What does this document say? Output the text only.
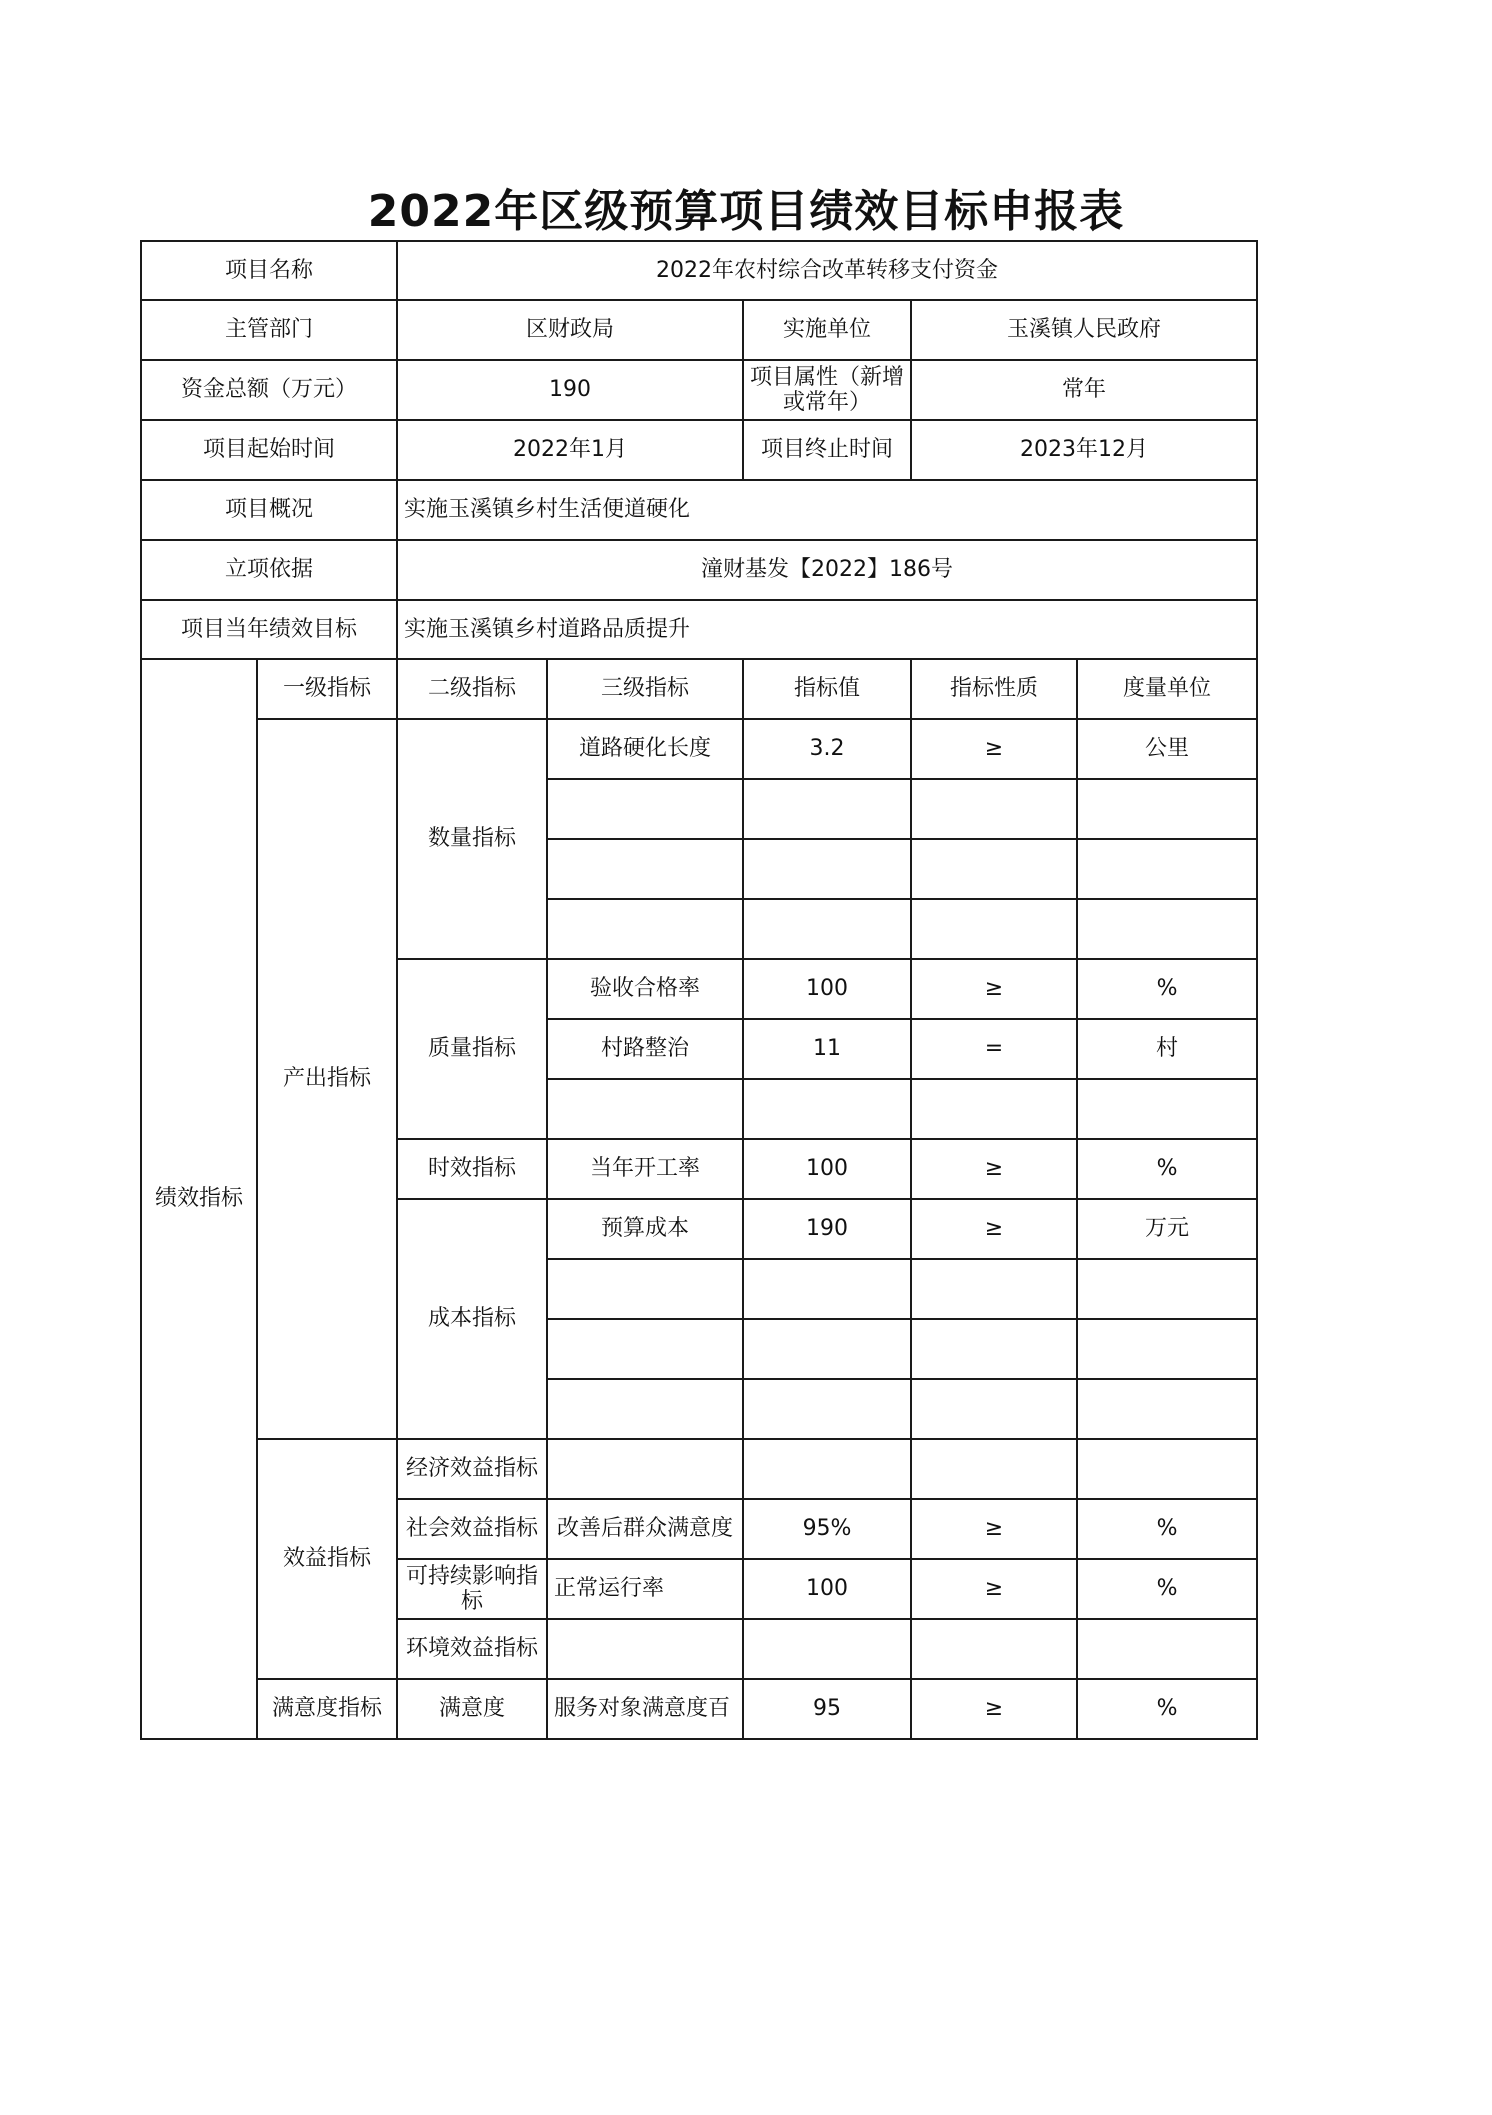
2022年区级预算项目绩效目标申报表
项目名称		2022年农村综合改革转移支付资金				
主管部门		区财政局		实施单位	玉溪镇人民政府	
资金总额（万元）		190		项目属性（新增或常年）	常年	
项目起始时间		2022年1月		项目终止时间	2023年12月	
项目概况		实施玉溪镇乡村生活便道硬化				
立项依据		潼财基发【2022】186号				
项目当年绩效目标		实施玉溪镇乡村道路品质提升				
绩效指标	一级指标	二级指标	三级指标	指标值	指标性质	度量单位
	产出指标	数量指标	道路硬化长度	3.2	≥	公里

		质量指标	验收合格率	100	≥	%
			村路整治	11	=	村

		时效指标	当年开工率	100	≥	%
		成本指标	预算成本	190	≥	万元

	效益指标	经济效益指标				
		社会效益指标	改善后群众满意度	95%	≥	%
		可持续影响指标	正常运行率	100	≥	%
		环境效益指标				
	满意度指标	满意度	服务对象满意度百	95	≥	%
